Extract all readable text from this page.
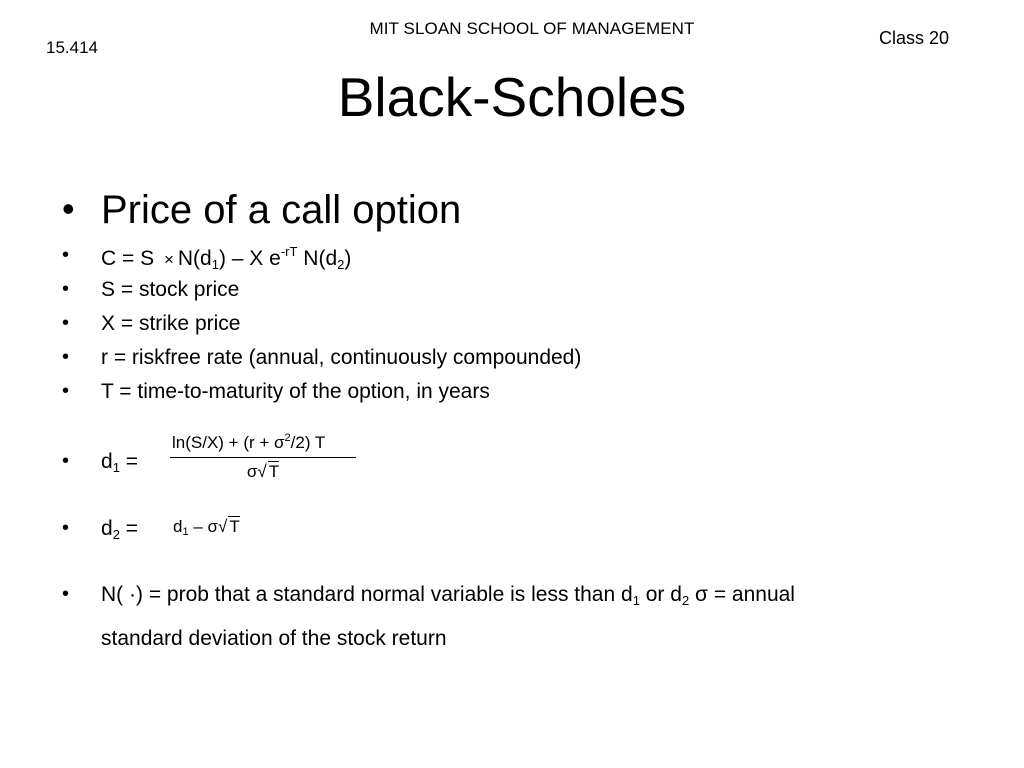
MIT SLOAN SCHOOL OF MANAGEMENT
15.414	Class 20
Black-Scholes
• Price of a call option
• $C = S \times N(d_1) - X$ $e^{-rT}$ $N(d_2)$
• S = stock price
• X = strike price
• r = riskfree rate (annual, continuously compounded)
• T = time-to-maturity of the option, in years
• $d_1$ =
$\ln(S/X) + (r + \sigma^2/2)$ T
σ√ T
• $d_2 = d_1 - \sigma√$ T
• N( ·) = prob that a standard normal variable is less than $d_1$ or $d_2$ σ = annual
standard deviation of the stock return
